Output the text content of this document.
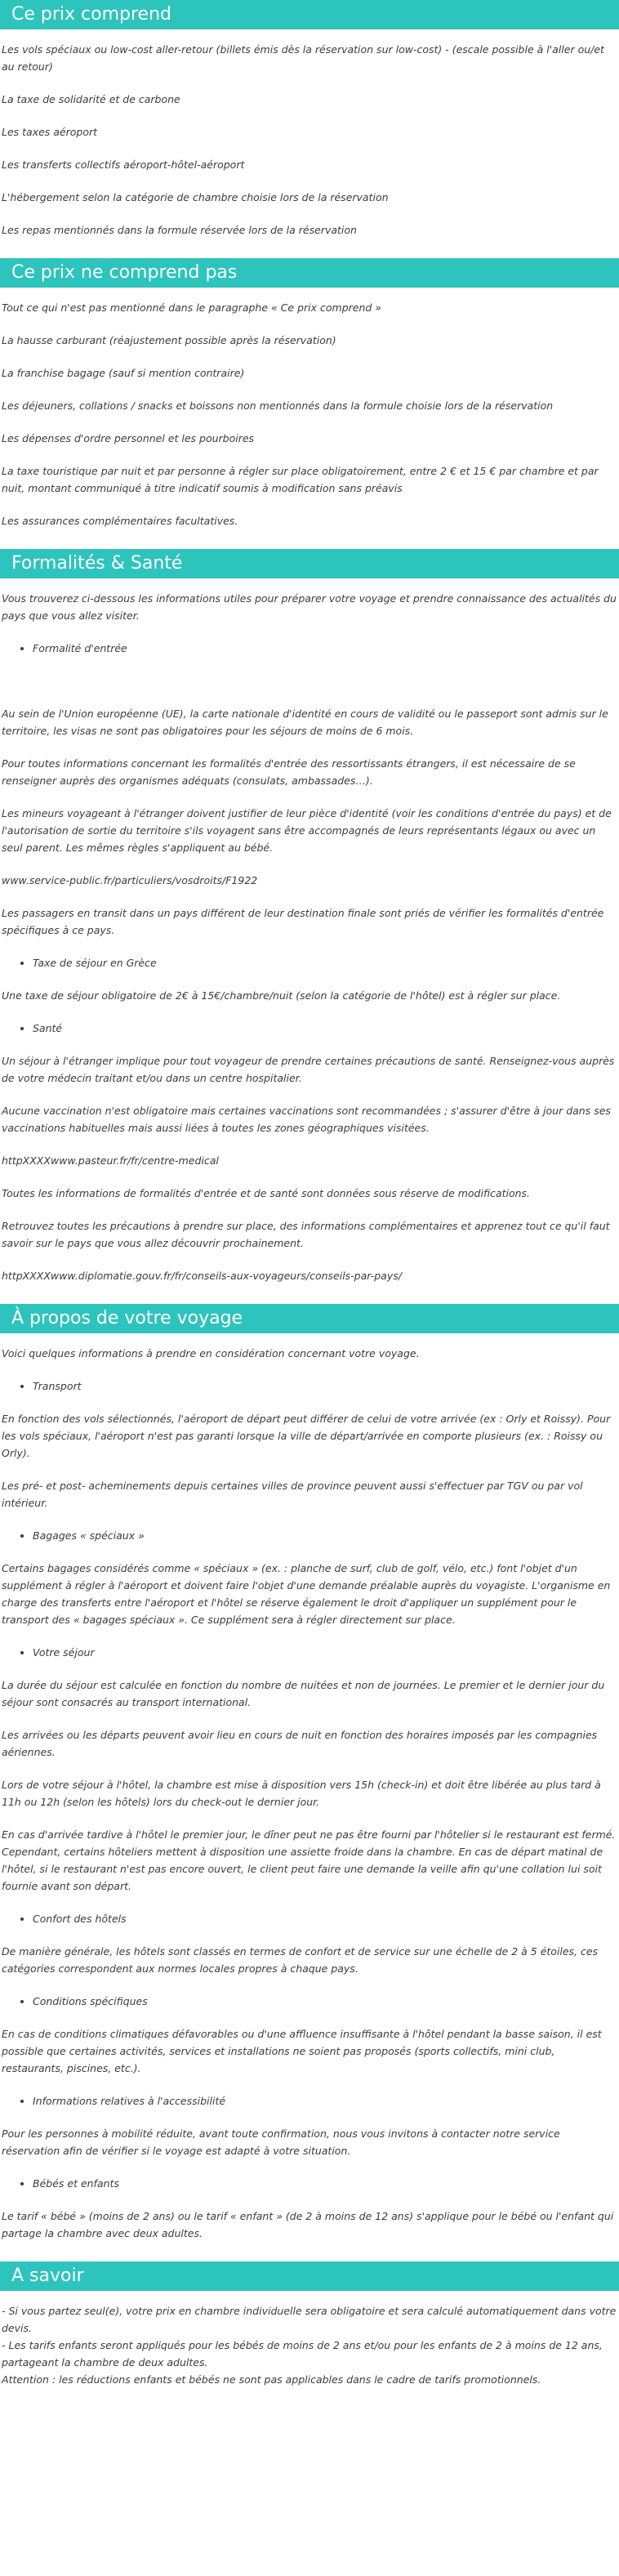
Ce prix comprend

Les vols spéciaux ou low-cost aller-retour (billets émis dès la réservation sur low-cost) - (escale possible à l'aller ou/et au retour)

La taxe de solidarité et de carbone

Les taxes aéroport

Les transferts collectifs aéroport-hôtel-aéroport

L'hébergement selon la catégorie de chambre choisie lors de la réservation

Les repas mentionnés dans la formule réservée lors de la réservation

Ce prix ne comprend pas

Tout ce qui n'est pas mentionné dans le paragraphe « Ce prix comprend »

La hausse carburant (réajustement possible après la réservation)

La franchise bagage (sauf si mention contraire)

Les déjeuners, collations / snacks et boissons non mentionnés dans la formule choisie lors de la réservation

Les dépenses d'ordre personnel et les pourboires

La taxe touristique par nuit et par personne à régler sur place obligatoirement, entre 2 € et 15 € par chambre et par nuit, montant communiqué à titre indicatif soumis à modification sans préavis

Les assurances complémentaires facultatives.

Formalités & Santé

Vous trouverez ci-dessous les informations utiles pour préparer votre voyage et prendre connaissance des actualités du pays que vous allez visiter.

• Formalité d'entrée

Au sein de l'Union européenne (UE), la carte nationale d'identité en cours de validité ou le passeport sont admis sur le territoire, les visas ne sont pas obligatoires pour les séjours de moins de 6 mois.

Pour toutes informations concernant les formalités d'entrée des ressortissants étrangers, il est nécessaire de se renseigner auprès des organismes adéquats (consulats, ambassades…).

Les mineurs voyageant à l'étranger doivent justifier de leur pièce d'identité (voir les conditions d'entrée du pays) et de l'autorisation de sortie du territoire s'ils voyagent sans être accompagnés de leurs représentants légaux ou avec un seul parent. Les mêmes règles s'appliquent au bébé.

www.service-public.fr/particuliers/vosdroits/F1922

Les passagers en transit dans un pays différent de leur destination finale sont priés de vérifier les formalités d'entrée spécifiques à ce pays.

• Taxe de séjour en Grèce

Une taxe de séjour obligatoire de 2€ à 15€/chambre/nuit (selon la catégorie de l'hôtel) est à régler sur place.

• Santé

Un séjour à l'étranger implique pour tout voyageur de prendre certaines précautions de santé. Renseignez-vous auprès de votre médecin traitant et/ou dans un centre hospitalier.

Aucune vaccination n'est obligatoire mais certaines vaccinations sont recommandées ; s'assurer d'être à jour dans ses vaccinations habituelles mais aussi liées à toutes les zones géographiques visitées.

httpXXXXwww.pasteur.fr/fr/centre-medical

Toutes les informations de formalités d'entrée et de santé sont données sous réserve de modifications.

Retrouvez toutes les précautions à prendre sur place, des informations complémentaires et apprenez tout ce qu'il faut savoir sur le pays que vous allez découvrir prochainement.

httpXXXXwww.diplomatie.gouv.fr/fr/conseils-aux-voyageurs/conseils-par-pays/

À propos de votre voyage

Voici quelques informations à prendre en considération concernant votre voyage.

• Transport

En fonction des vols sélectionnés, l'aéroport de départ peut différer de celui de votre arrivée (ex : Orly et Roissy). Pour les vols spéciaux, l'aéroport n'est pas garanti lorsque la ville de départ/arrivée en comporte plusieurs (ex. : Roissy ou Orly).

Les pré- et post- acheminements depuis certaines villes de province peuvent aussi s'effectuer par TGV ou par vol intérieur.

• Bagages « spéciaux »

Certains bagages considérés comme « spéciaux » (ex. : planche de surf, club de golf, vélo, etc.) font l'objet d'un supplément à régler à l'aéroport et doivent faire l'objet d'une demande préalable auprès du voyagiste. L'organisme en charge des transferts entre l'aéroport et l'hôtel se réserve également le droit d'appliquer un supplément pour le transport des « bagages spéciaux ». Ce supplément sera à régler directement sur place.

• Votre séjour

La durée du séjour est calculée en fonction du nombre de nuitées et non de journées. Le premier et le dernier jour du séjour sont consacrés au transport international.

Les arrivées ou les départs peuvent avoir lieu en cours de nuit en fonction des horaires imposés par les compagnies aériennes.

Lors de votre séjour à l'hôtel, la chambre est mise à disposition vers 15h (check-in) et doit être libérée au plus tard à 11h ou 12h (selon les hôtels) lors du check-out le dernier jour.

En cas d'arrivée tardive à l'hôtel le premier jour, le dîner peut ne pas être fourni par l'hôtelier si le restaurant est fermé. Cependant, certains hôteliers mettent à disposition une assiette froide dans la chambre. En cas de départ matinal de l'hôtel, si le restaurant n'est pas encore ouvert, le client peut faire une demande la veille afin qu'une collation lui soit fournie avant son départ.

• Confort des hôtels

De manière générale, les hôtels sont classés en termes de confort et de service sur une échelle de 2 à 5 étoiles, ces catégories correspondent aux normes locales propres à chaque pays.

• Conditions spécifiques

En cas de conditions climatiques défavorables ou d'une affluence insuffisante à l'hôtel pendant la basse saison, il est possible que certaines activités, services et installations ne soient pas proposés (sports collectifs, mini club, restaurants, piscines, etc.).

• Informations relatives à l'accessibilité

Pour les personnes à mobilité réduite, avant toute confirmation, nous vous invitons à contacter notre service réservation afin de vérifier si le voyage est adapté à votre situation.

• Bébés et enfants

Le tarif « bébé » (moins de 2 ans) ou le tarif « enfant » (de 2 à moins de 12 ans) s'applique pour le bébé ou l'enfant qui partage la chambre avec deux adultes.

A savoir

- Si vous partez seul(e), votre prix en chambre individuelle sera obligatoire et sera calculé automatiquement dans votre devis.

- Les tarifs enfants seront appliqués pour les bébés de moins de 2 ans et/ou pour les enfants de 2 à moins de 12 ans, partageant la chambre de deux adultes.

Attention : les réductions enfants et bébés ne sont pas applicables dans le cadre de tarifs promotionnels.
